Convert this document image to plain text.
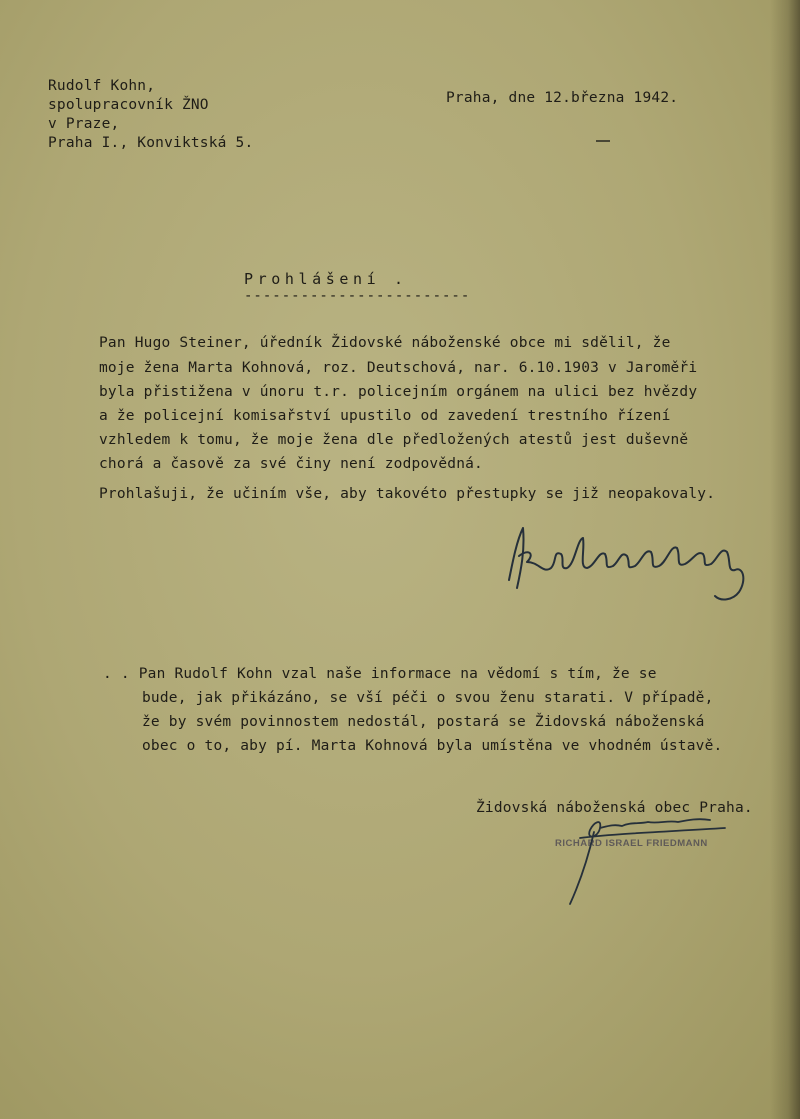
Rudolf Kohn,
spolupracovník ŽNO
v Praze,
Praha I., Konviktská 5.
Praha, dne 12.března 1942.
Prohlášení .
------------------------
Pan Hugo Steiner, úředník Židovské náboženské obce mi sdělil, že
moje žena Marta Kohnová, roz. Deutschová, nar. 6.10.1903 v Jaroměři
byla přistižena v únoru t.r. policejním orgánem na ulici bez hvězdy
a že policejní komisařství upustilo od zavedení trestního řízení
vzhledem k tomu, že moje žena dle předložených atestů jest duševně
chorá a časově za své činy není zodpovědná.
Prohlašuji, že učiním vše, aby takovéto přestupky se již neopakovaly.
. . Pan Rudolf Kohn vzal naše informace na vědomí s tím, že se
bude, jak přikázáno, se vší péči o svou ženu starati. V případě,
že by svém povinnostem nedostál, postará se Židovská náboženská
obec o to, aby pí. Marta Kohnová byla umístěna ve vhodném ústavě.
Židovská náboženská obec Praha.
RICHARD ISRAEL FRIEDMANN
